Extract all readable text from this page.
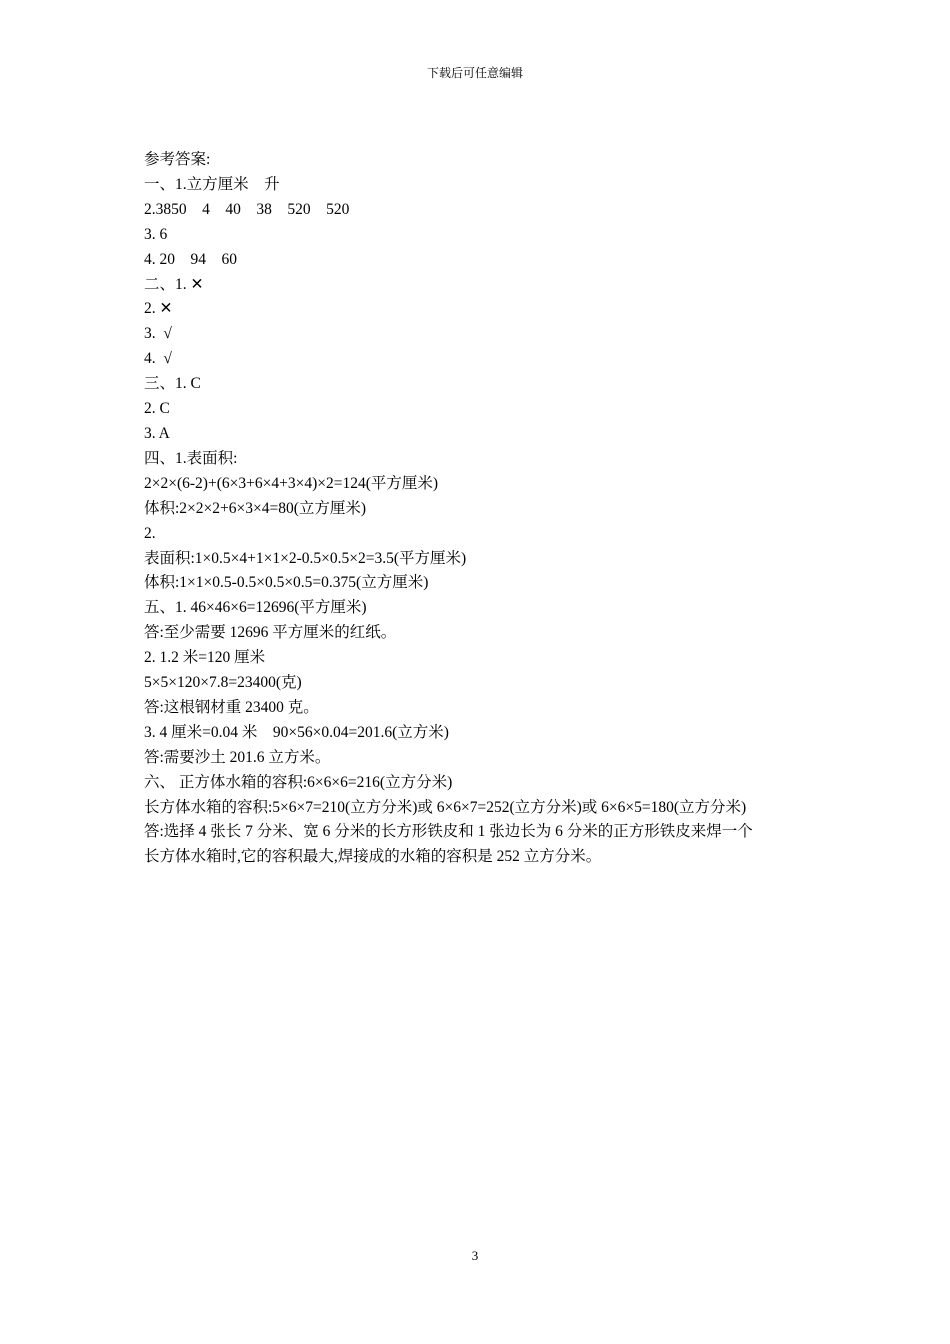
下载后可任意编辑
参考答案:
一、1.立方厘米    升
2.3850    4    40    38    520    520
3. 6
4. 20    94    60
二、1. ✕
2. ✕
3.  √
4.  √
三、1. C
2. C
3. A
四、1.表面积:
2×2×(6-2)+(6×3+6×4+3×4)×2=124(平方厘米)
体积:2×2×2+6×3×4=80(立方厘米)
2.
表面积:1×0.5×4+1×1×2-0.5×0.5×2=3.5(平方厘米)
体积:1×1×0.5-0.5×0.5×0.5=0.375(立方厘米)
五、1. 46×46×6=12696(平方厘米)
答:至少需要 12696 平方厘米的红纸。
2. 1.2 米=120 厘米
5×5×120×7.8=23400(克)
答:这根钢材重 23400 克。
3. 4 厘米=0.04 米    90×56×0.04=201.6(立方米)
答:需要沙土 201.6 立方米。
六、 正方体水箱的容积:6×6×6=216(立方分米)
长方体水箱的容积:5×6×7=210(立方分米)或 6×6×7=252(立方分米)或 6×6×5=180(立方分米)
答:选择 4 张长 7 分米、宽 6 分米的长方形铁皮和 1 张边长为 6 分米的正方形铁皮来焊一个
长方体水箱时,它的容积最大,焊接成的水箱的容积是 252 立方分米。
3
